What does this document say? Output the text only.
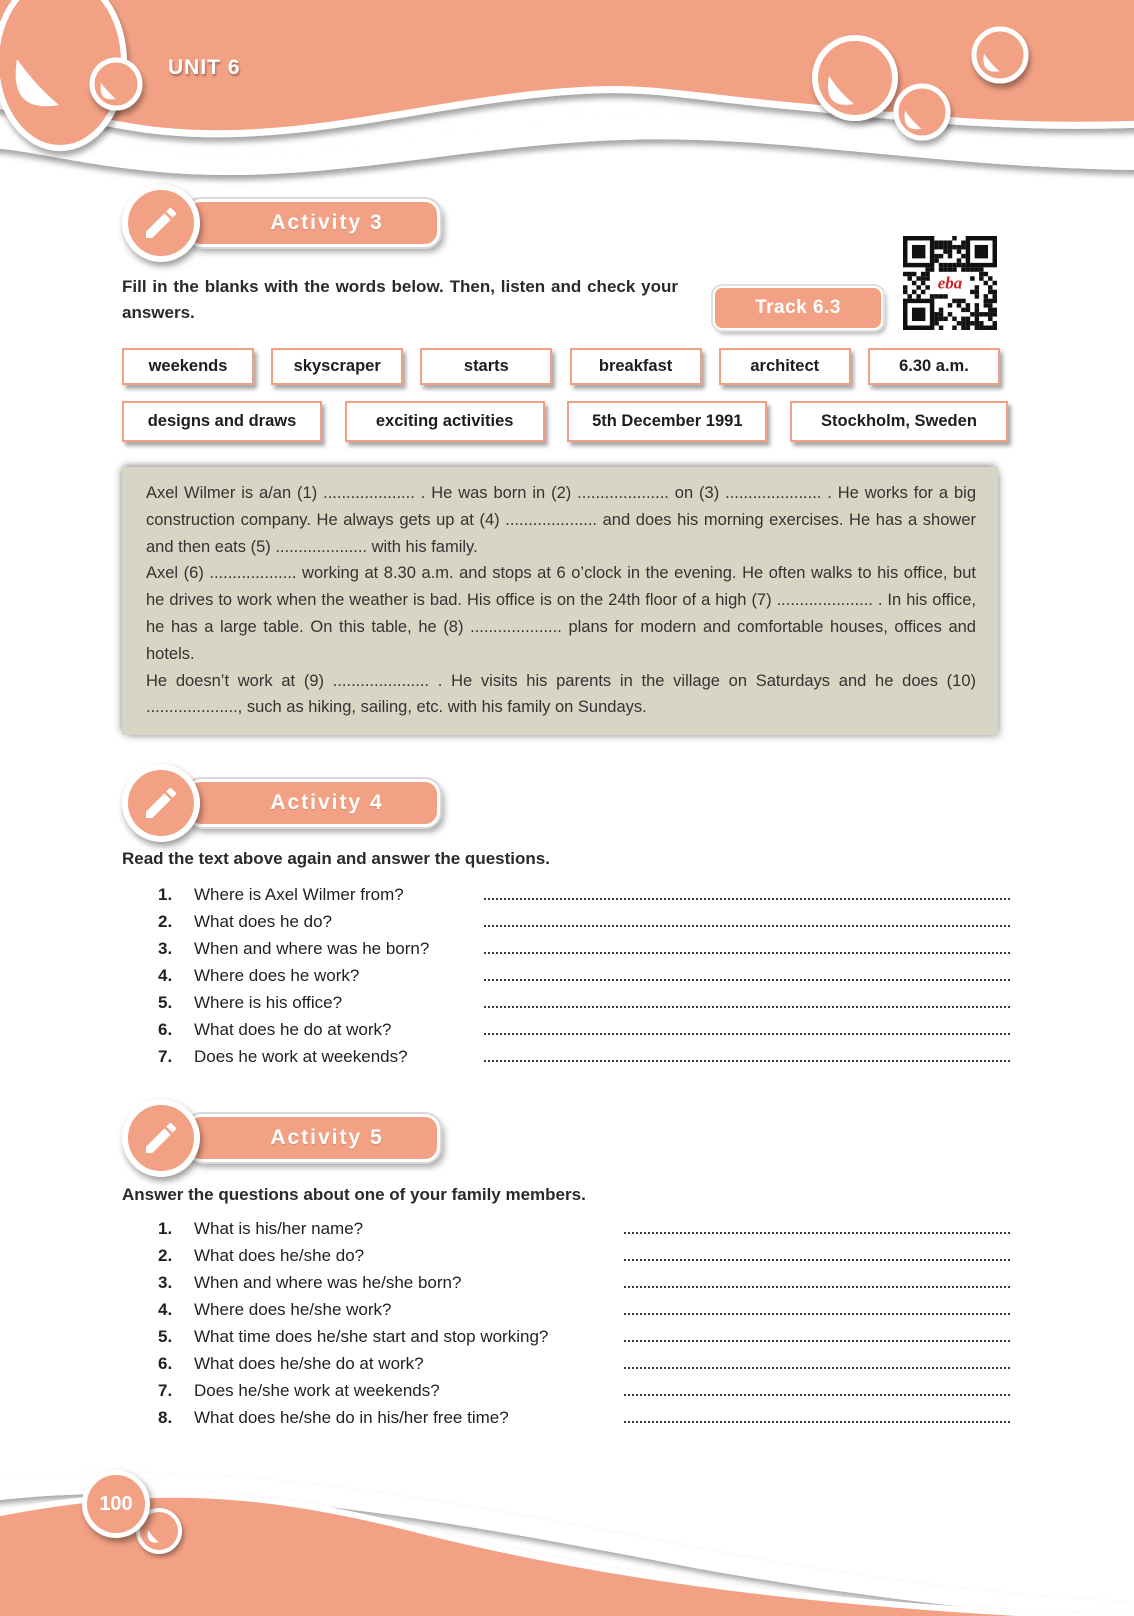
UNIT 6
Activity 3
Fill in the blanks with the words below. Then, listen and check your answers.	Track 6.3
eba
weekends	skyscraper	starts	breakfast	architect	6.30 a.m.
designs and draws	exciting activities	5th December 1991	Stockholm, Sweden

Axel Wilmer is a/an (1) .................... . He was born in (2) .................... on (3) ..................... . He works for a big construction company. He always gets up at (4) .................... and does his morning exercises. He has a shower and then eats (5) .................... with his family.

Axel (6) ................... working at 8.30 a.m. and stops at 6 o’clock in the evening. He often walks to his office, but he drives to work when the weather is bad. His office is on the 24th floor of a high (7) ..................... . In his office, he has a large table. On this table, he (8) .................... plans for modern and comfortable houses, offices and hotels.

He doesn’t work at (9) ..................... . He visits his parents in the village on Saturdays and he does (10) ...................., such as hiking, sailing, etc. with his family on Sundays.

Activity 4
Read the text above again and answer the questions.
1.	Where is Axel Wilmer from?
2.	What does he do?
3.	When and where was he born?
4.	Where does he work?
5.	Where is his office?
6.	What does he do at work?
7.	Does he work at weekends?
Activity 5
Answer the questions about one of your family members.
1.	What is his/her name?
2.	What does he/she do?
3.	When and where was he/she born?
4.	Where does he/she work?
5.	What time does he/she start and stop working?
6.	What does he/she do at work?
7.	Does he/she work at weekends?
8.	What does he/she do in his/her free time?
100
